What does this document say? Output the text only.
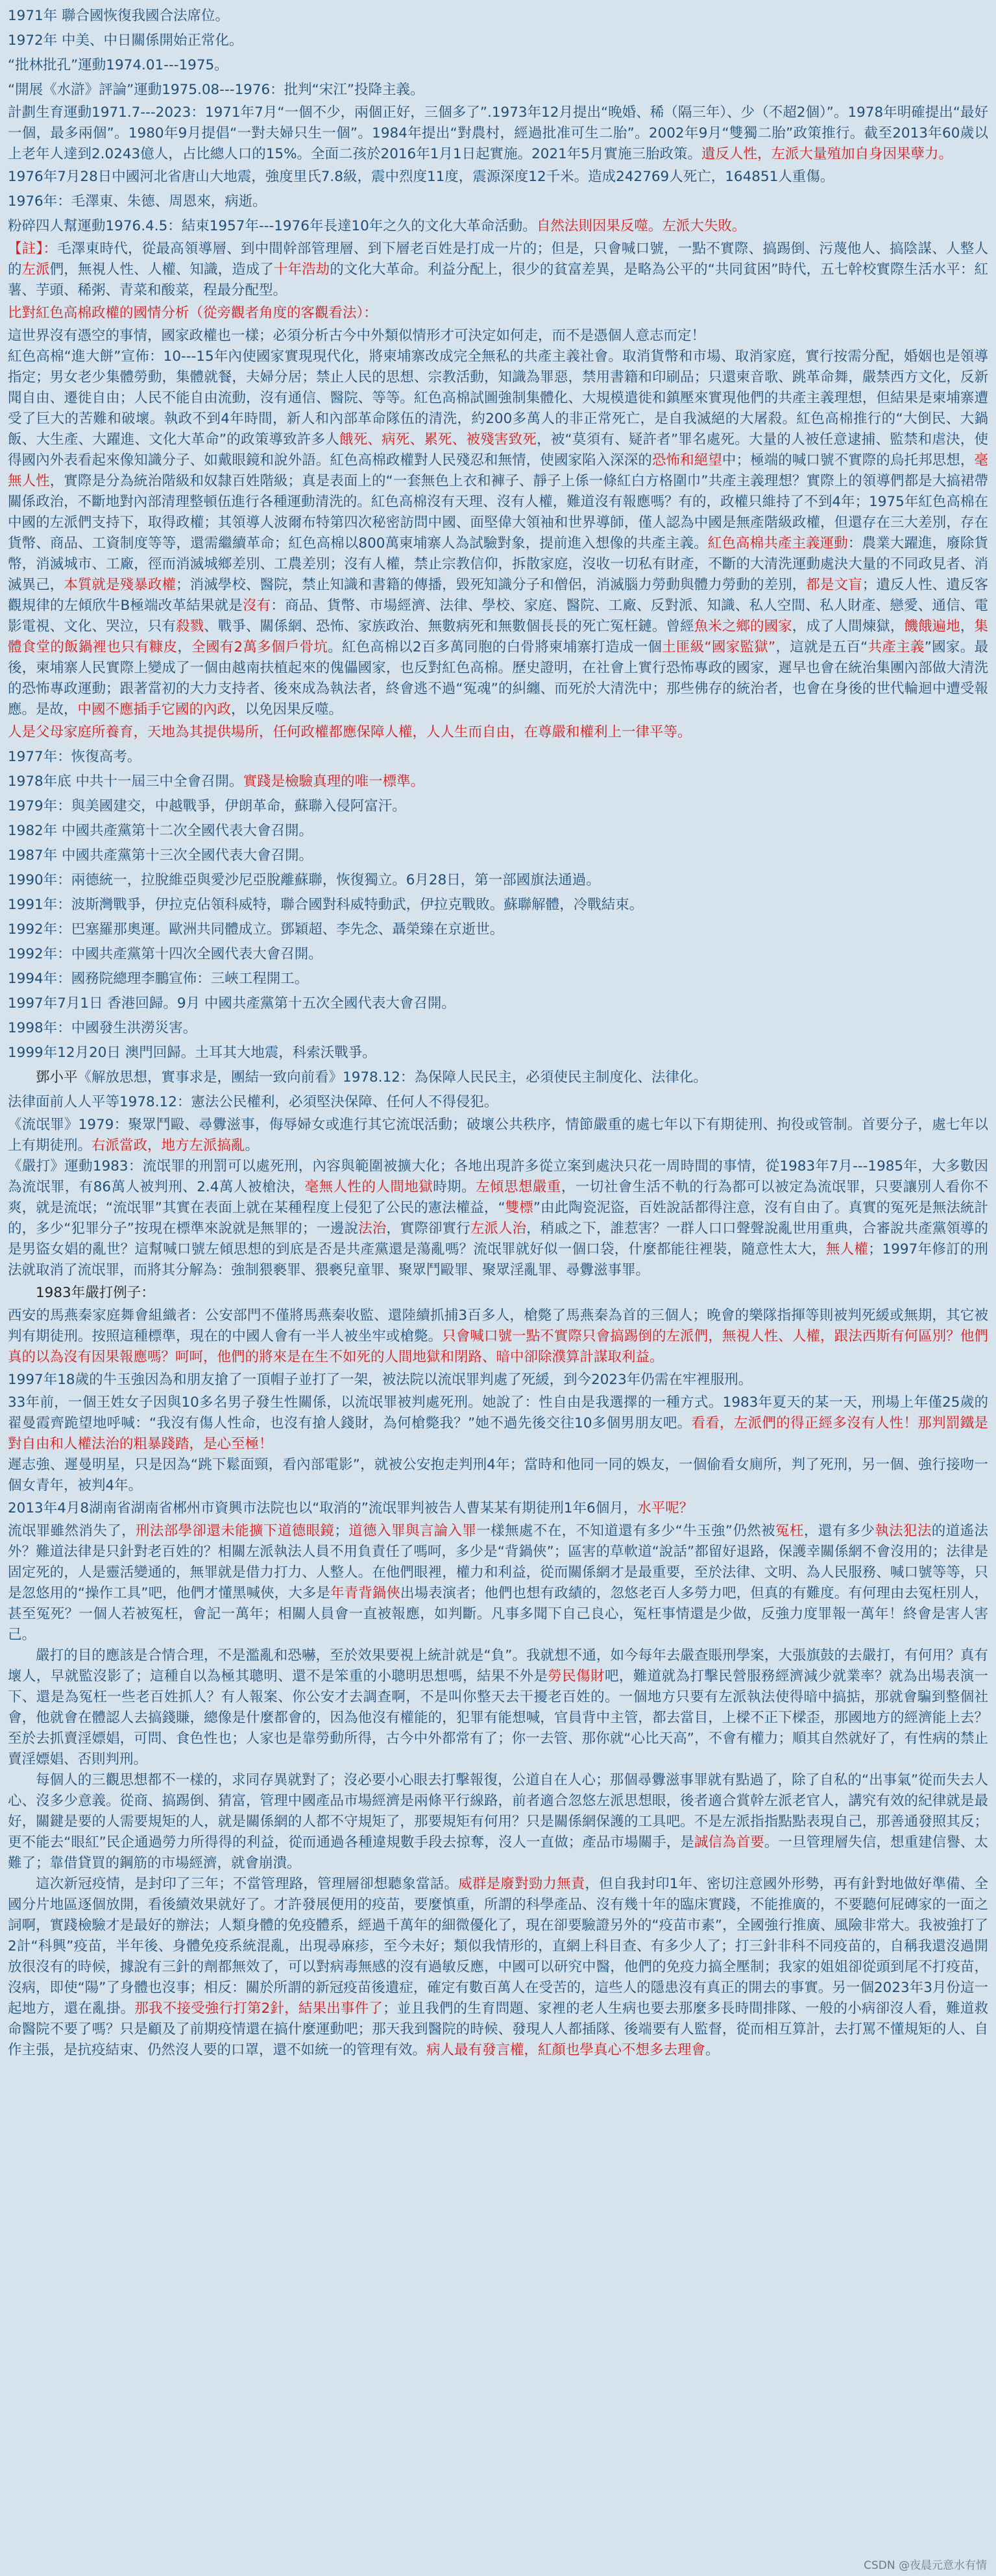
1971年 聯合國恢復我國合法席位。

1972年 中美、中日關係開始正常化。

“批林批孔”運動1974.01---1975。

“開展《水滸》評論”運動1975.08---1976：批判“宋江”投降主義。

計劃生育運動1971.7---2023：1971年7月“一個不少，兩個正好，三個多了”.1973年12月提出“晚婚、稀（隔三年）、少（不超2個）”。1978年明確提出“最好一個，最多兩個”。1980年9月提倡“一對夫婦只生一個”。1984年提出“對農村，經過批准可生二胎”。2002年9月“雙獨二胎”政策推行。截至2013年60歲以上老年人達到2.0243億人，占比總人口的15%。全面二孩於2016年1月1日起實施。2021年5月實施三胎政策。遺反人性，左派大量殖加自身因果孽力。

1976年7月28日中國河北省唐山大地震，強度里氏7.8級，震中烈度11度，震源深度12千米。造成242769人死亡，164851人重傷。

1976年：毛澤東、朱德、周恩來，病逝。

粉碎四人幫運動1976.4.5：結束1957年---1976年長達10年之久的文化大革命活動。自然法則因果反噬。左派大失敗。

【註】：毛澤東時代，從最高領導層、到中間幹部管理層、到下層老百姓是打成一片的；但是，只會喊口號，一點不實際、搞踢倒、污蔑他人、搞陰謀、人整人的左派們，無視人性、人權、知識，造成了十年浩劫的文化大革命。利益分配上，很少的貧富差異，是略為公平的“共同貧困”時代，五七幹校實際生活水平：紅薯、芋頭、稀粥、青菜和酸菜，程最分配型。

比對紅色高棉政權的國情分析（從旁觀者角度的客觀看法）：

這世界沒有憑空的事情，國家政權也一樣；必須分析古今中外類似情形才可決定如何走，而不是憑個人意志而定！

紅色高棉“進大餅”宣佈：10---15年內使國家實現現代化，將柬埔寨改成完全無私的共產主義社會。取消貨幣和市場、取消家庭，實行按需分配，婚姻也是領導指定；男女老少集體勞動，集體就餐，夫婦分居；禁止人民的思想、宗教活動，知識為罪惡，禁用書籍和印刷品；只還柬音歌、跳革命舞，嚴禁西方文化，反新聞自由、遷徙自由；人民不能自由流動，沒有通信、醫院、等等。紅色高棉試圖強制集體化、大規模遣徙和鎮壓來實現他們的共產主義理想，但結果是柬埔寨遭受了巨大的苦難和破壞。執政不到4年時間，新人和內部革命隊伍的清洗，約200多萬人的非正常死亡，是自我滅絕的大屠殺。紅色高棉推行的“大倒民、大鍋飯、大生產、大躍進、文化大革命”的政策導致許多人餓死、病死、累死、被殘害致死，被“莫須有、疑許者”罪名處死。大量的人被任意逮捕、監禁和虐決，使得國內外表看起來像知識分子、如戴眼鏡和說外語。紅色高棉政權對人民殘忍和無情，使國家陷入深深的恐怖和絕望中；極端的喊口號不實際的烏托邦思想，毫無人性，實際是分為統治階級和奴隸百姓階級；真是表面上的“一套無色上衣和褲子、靜子上係一條紅白方格圍巾”共產主義理想？實際上的領導們都是大搞裙帶關係政治，不斷地對內部清理整頓伍進行各種運動清洗的。紅色高棉沒有天理、沒有人權，難道沒有報應嗎？有的，政權只維持了不到4年；1975年紅色高棉在中國的左派們支持下，取得政權；其領導人波爾布特第四次秘密訪問中國、面堅偉大領袖和世界導師，僅人認為中國是無產階級政權，但還存在三大差別，存在貨幣、商品、工資制度等等，還需繼續革命；紅色高棉以800萬柬埔寨人為試驗對象，提前進入想像的共產主義。紅色高棉共產主義運動：農業大躍進，廢除貨幣，消滅城市、工廠，徑而消滅城鄉差別、工農差別；沒有人權，禁止宗教信仰，拆散家庭，沒收一切私有財產，不斷的大清洗運動處決大量的不同政見者、消滅異己，本質就是殘暴政權；消滅學校、醫院，禁止知識和書籍的傳播，毀死知識分子和僧侶，消滅腦力勞動與體力勞動的差別，都是文盲；遺反人性、遺反客觀規律的左傾欣牛B極端改革結果就是沒有：商品、貨幣、市場經濟、法律、學校、家庭、醫院、工廠、反對派、知識、私人空間、私人財產、戀愛、通信、電影電視、文化、哭泣，只有殺戮、戰爭、關係網、恐怖、家族政治、無數病死和無數個長長的死亡冤枉鏈。曾經魚米之鄉的國家，成了人間煉獄，饑餓遍地，集體食堂的飯鍋裡也只有糠皮，全國有2萬多個戶骨坑。紅色高棉以2百多萬同胞的白骨將柬埔寨打造成一個土匪級“國家監獄”，這就是五百“共產主義”國家。最後，柬埔寨人民實際上變成了一個由越南扶植起來的傀儡國家，也反對紅色高棉。歷史證明，在社會上實行恐怖專政的國家，遲早也會在統治集團內部做大清洗的恐怖專政運動；跟著當初的大力支持者、後來成為執法者，終會逃不過“冤魂”的糾纏、而死於大清洗中；那些佛存的統治者，也會在身後的世代輪迴中遭受報應。是故，中國不應插手它國的內政，以免因果反噬。

人是父母家庭所養育，天地為其提供場所，任何政權都應保障人權，人人生而自由，在尊嚴和權利上一律平等。

1977年：恢復高考。

1978年底 中共十一屆三中全會召開。實踐是檢驗真理的唯一標準。

1979年：與美國建交，中越戰爭，伊朗革命，蘇聯入侵阿富汗。

1982年 中國共產黨第十二次全國代表大會召開。

1987年 中國共產黨第十三次全國代表大會召開。

1990年：兩德統一，拉脫維亞與愛沙尼亞脫離蘇聯，恢復獨立。6月28日，第一部國旗法通過。

1991年：波斯灣戰爭，伊拉克佔領科威特，聯合國對科威特動武，伊拉克戰敗。蘇聯解體，冷戰結束。

1992年：巴塞羅那奧運。歐洲共同體成立。鄧穎超、李先念、聶榮臻在京逝世。

1992年：中國共產黨第十四次全國代表大會召開。

1994年：國務院總理李鵬宣佈：三峽工程開工。

1997年7月1日 香港回歸。9月 中國共產黨第十五次全國代表大會召開。

1998年：中國發生洪澇災害。

1999年12月20日 澳門回歸。土耳其大地震，科索沃戰爭。

鄧小平《解放思想，實事求是，團結一致向前看》1978.12：為保障人民民主，必須使民主制度化、法律化。

法律面前人人平等1978.12：憲法公民權利，必須堅決保障、任何人不得侵犯。

《流氓罪》1979：聚眾鬥毆、尋釁滋事，侮辱婦女或進行其它流氓活動；破壞公共秩序，情節嚴重的處七年以下有期徒刑、拘役或管制。首要分子，處七年以上有期徒刑。右派當政，地方左派搞亂。

《嚴打》運動1983：流氓罪的刑罰可以處死刑，內容與範圍被擴大化；各地出現許多從立案到處決只花一周時間的事情，從1983年7月---1985年，大多數因為流氓罪，有86萬人被判刑、2.4萬人被槍決，毫無人性的人間地獄時期。左傾思想嚴重，一切社會生活不軌的行為都可以被定為流氓罪，只要讓別人看你不爽，就是流氓；“流氓罪”其實在表面上就在某種程度上侵犯了公民的憲法權益，“雙標”由此陶瓷泥盜，百姓說話都得注意，沒有自由了。真實的冤死是無法統計的，多少“犯罪分子”按現在標準來說就是無罪的；一邊說法治，實際卻實行左派人治，稍戚之下，誰惹害？一群人口口聲聲說亂世用重典，合審說共產黨領導的是男盜女娼的亂世？這幫喊口號左傾思想的到底是否是共產黨還是蕩亂嗎？流氓罪就好似一個口袋，什麼都能往裡裝，隨意性太大，無人權；1997年修訂的刑法就取消了流氓罪，而將其分解為：強制猥褻罪、猥褻兒童罪、聚眾鬥毆罪、聚眾淫亂罪、尋釁滋事罪。

1983年嚴打例子：

西安的馬燕秦家庭舞會組織者：公安部門不僅將馬燕秦收監、還陸續抓捕3百多人，槍斃了馬燕秦為首的三個人；晚會的樂隊指揮等則被判死緩或無期，其它被判有期徒刑。按照這種標準，現在的中國人會有一半人被坐牢或槍斃。只會喊口號一點不實際只會搞踢倒的左派們，無視人性、人權，跟法西斯有何區別？他們真的以為沒有因果報應嗎？呵呵，他們的將來是在生不如死的人間地獄和閉路、暗中卻除濮算計謀取利益。

1997年18歲的牛玉強因為和朋友搶了一頂帽子並打了一架，被法院以流氓罪判處了死緩，到今2023年仍需在牢裡服刑。

33年前，一個王姓女子因與10多名男子發生性關係，以流氓罪被判處死刑。她說了：性自由是我選擇的一種方式。1983年夏天的某一天，刑場上年僅25歲的翟曼霞齊跪望地呼喊：“我沒有傷人性命，也沒有搶人錢財，為何槍斃我？”她不過先後交往10多個男朋友吧。看看，左派們的得正經多沒有人性！那判罰鐵是對自由和人權法治的粗暴踐踏，是心至極！

遲志強、遲曼明星，只是因為“跳下鬆面頸，看內部電影”，就被公安抱走判刑4年；當時和他同一同的娛友，一個偷看女廁所，判了死刑，另一個、強行接吻一個女青年，被判4年。

2013年4月8湖南省湖南省郴州市資興市法院也以“取消的”流氓罪判被告人曹某某有期徒刑1年6個月，水平呢？

流氓罪雖然消失了，刑法部學卻還未能擴下道德眼鏡；道德入罪與言論入罪一樣無處不在，不知道還有多少“牛玉強”仍然被冤枉，還有多少執法犯法的道遙法外？難道法律是只針對老百姓的？相關左派執法人員不用負責任了嗎呵，多少是“背鍋俠”；區害的草軟道“說話”都留好退路，保護幸關係網不會沒用的；法律是固定死的，人是靈活變通的，無罪就是借力打力、人整人。在他們眼裡，權力和利益，從而關係網才是最重要，至於法律、文明、為人民服務、喊口號等等，只是忽悠用的“操作工具”吧，他們才懂黑喊俠，大多是年青背鍋俠出場表演者；他們也想有政績的，忽悠老百人多勞力吧，但真的有難度。有何理由去冤枉別人，甚至冤死？一個人若被冤枉，會記一萬年；相關人員會一直被報應，如判斷。凡事多聞下自己良心，冤枉事情還是少做，反強力度罪報一萬年！終會是害人害己。

嚴打的目的應該是合情合理，不是濫亂和恐嚇，至於效果要視上統計就是“負”。我就想不通，如今每年去嚴查賬刑學案，大張旗鼓的去嚴打，有何用？真有壞人，早就監沒影了；這種自以為極其聰明、還不是笨重的小聰明思想嗎，結果不外是勞民傷財吧，難道就為打擊民營服務經濟減少就業率？就為出場表演一下、還是為冤枉一些老百姓抓人？有人報案、你公安才去調查啊，不是叫你整天去干擾老百姓的。一個地方只要有左派執法使得暗中搞掂，那就會騙到整個社會，他就會在體認人去搞錢賺，總像是什麼都會的，因為他沒有權能的，犯罪有能想喊，官員背中主管，都去當目，上樑不正下樑歪，那國地方的經濟能上去？至於去抓賣淫嫖娼，可問、食色性也；人家也是靠勞動所得，古今中外都常有了；你一去管、那你就“心比天高”，不會有權力；順其自然就好了，有性病的禁止賣淫嫖娼、否則判刑。

每個人的三觀思想都不一樣的，求同存異就對了；沒必要小心眼去打擊報復，公道自在人心；那個尋釁滋事罪就有點過了，除了自私的“出事氣”從而失去人心、沒多少意義。從商、搞踢倒、猜富，管理中國產品市場經濟是兩條平行線路，前者適合忽悠左派思想眼，後者適合賞幹左派老官人，講究有效的紀律就是最好，關鍵是要的人需要規矩的人，就是關係網的人都不守規矩了，那要規矩有何用？只是關係網保護的工具吧。不是左派指指點點表現自己，那善通發照其反；更不能去“眼紅”民企通過勞力所得得的利益，從而通過各種違規數手段去掠奪，沒人一直做；產品市場關手，是誠信為首要。一旦管理層失信，想重建信譽、太難了；靠借貸買的鋼筋的市場經濟，就會崩潰。

這次新冠疫情，是封印了三年；不當管理路，管理層卻想聽象當話。威群是廢對勁力無責，但自我封印1年、密切注意國外形勢，再有針對地做好準備、全國分片地區逐個放開，看後續效果就好了。才許發展便用的疫苗，要麼慎重，所謂的科學產品、沒有幾十年的臨床實踐，不能推廣的，不要聽何屁磚家的一面之詞啊，實踐檢驗才是最好的辦法；人類身體的免疫體系，經過千萬年的細微優化了，現在卻要驗證另外的“疫苗市素”，全國強行推廣、風險非常大。我被強打了2計“科興”疫苗，半年後、身體免疫系統混亂，出現尋麻疹，至今未好；類似我情形的，直網上科目查、有多少人了；打三針非科不同疫苗的，自稱我還沒過開放很沒有的時候，據說有三針的劑都無效了，可以對病毒無感的沒有過敏反應，中國可以研究中醫，他們的免疫力搞全壓制；我家的姐姐卻從頭到尾不打疫苗，沒病，即使“陽”了身體也沒事；相反：關於所謂的新冠疫苗後遺症，確定有數百萬人在受苦的，這些人的隱患沒有真正的開去的事實。另一個2023年3月份這一起地方，還在亂掛。那我不接受強行打第2針，結果出事件了；並且我們的生育問題、家裡的老人生病也要去那麼多長時間排隊、一般的小病卻沒人看，難道救命醫院不要了嗎？只是顧及了前期疫情還在搞什麼運動吧；那天我到醫院的時候、發現人人都插隊、後端要有人監督，從而相互算計，去打罵不懂規矩的人、自作主張，是抗疫結束、仍然沒人要的口罩，還不如統一的管理有效。病人最有發言權，紅顏也學真心不想多去理會。

CSDN @夜晨元意水有情
